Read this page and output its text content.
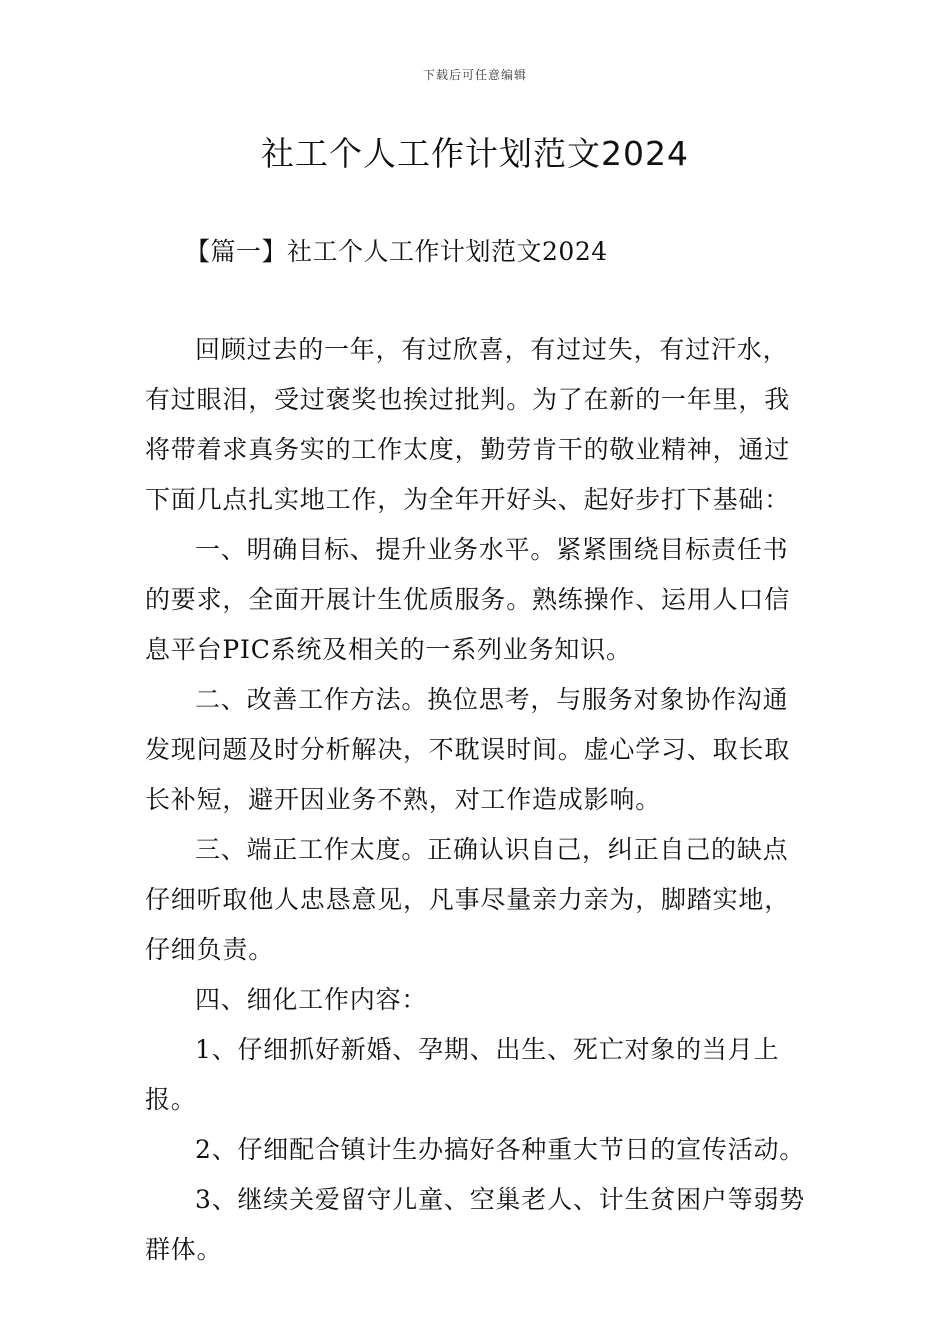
下载后可任意编辑
社工个人工作计划范文2024
【篇一】社工个人工作计划范文2024

回顾过去的一年，有过欣喜，有过过失，有过汗水，有过眼泪，受过褒奖也挨过批判。为了在新的一年里，我将带着求真务实的工作太度，勤劳肯干的敬业精神，通过下面几点扎实地工作，为全年开好头、起好步打下基础：

一、明确目标、提升业务水平。紧紧围绕目标责任书的要求，全面开展计生优质服务。熟练操作、运用人口信息平台PIC系统及相关的一系列业务知识。

二、改善工作方法。换位思考，与服务对象协作沟通发现问题及时分析解决，不耽误时间。虚心学习、取长取长补短，避开因业务不熟，对工作造成影响。

三、端正工作太度。正确认识自己，纠正自己的缺点仔细听取他人忠恳意见，凡事尽量亲力亲为，脚踏实地，仔细负责。

四、细化工作内容：

1、仔细抓好新婚、孕期、出生、死亡对象的当月上报。

2、仔细配合镇计生办搞好各种重大节日的宣传活动。

3、继续关爱留守儿童、空巢老人、计生贫困户等弱势群体。
